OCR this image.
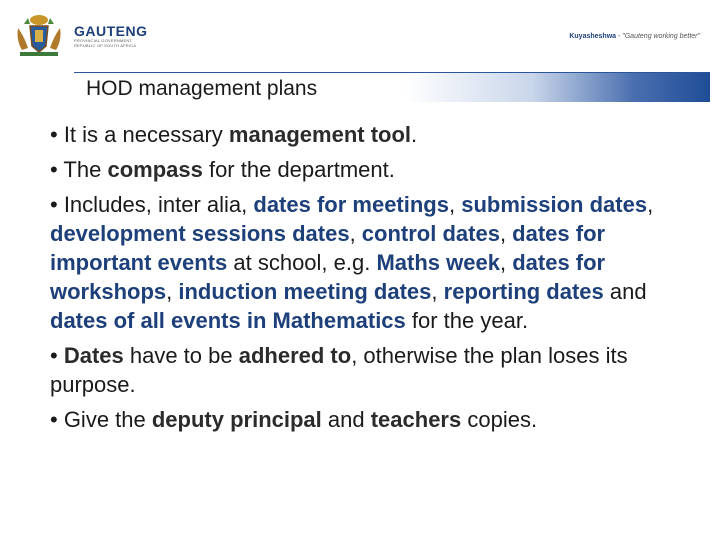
GAUTENG
PROVINCIAL GOVERNMENT
REPUBLIC OF SOUTH AFRICA
Kuyasheshwa - "Gauteng working better"
HOD management plans

• It is a necessary management tool.

• The compass for the department.

• Includes, inter alia, dates for meetings, submission dates, development sessions dates, control dates, dates for important events at school, e.g. Maths week, dates for workshops, induction meeting dates, reporting dates and dates of all events in Mathematics for the year.

• Dates have to be adhered to, otherwise the plan loses its purpose.

• Give the deputy principal and teachers copies.
